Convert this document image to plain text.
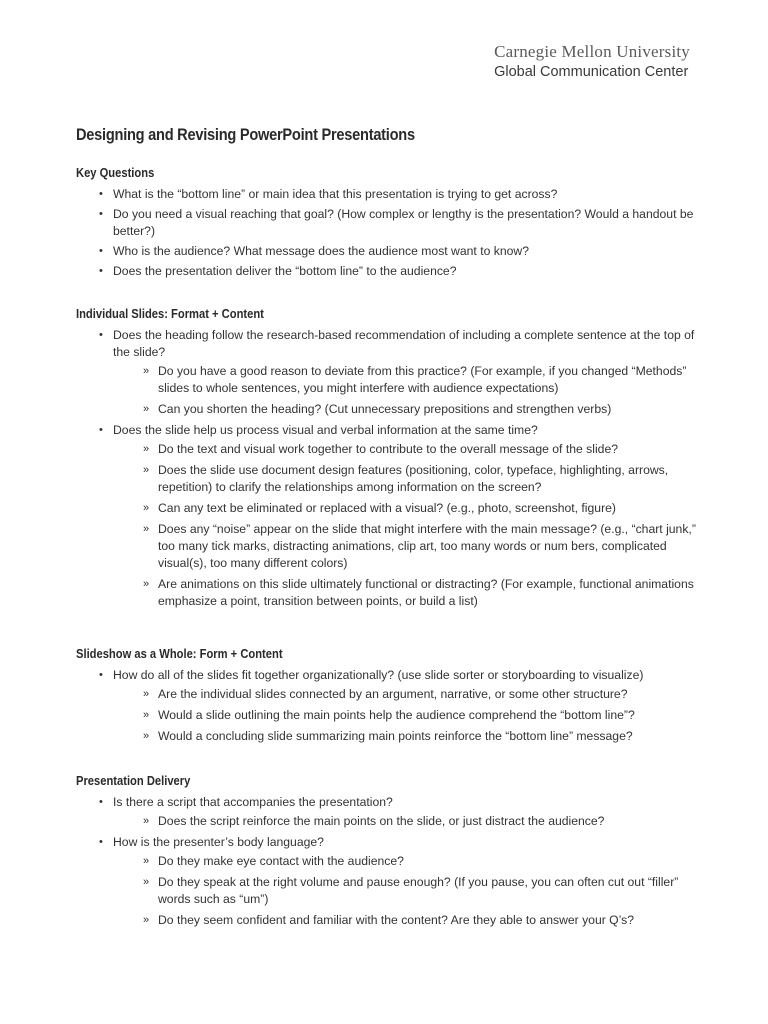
Carnegie Mellon University
Global Communication Center
Designing and Revising PowerPoint Presentations
Key Questions
• What is the “bottom line” or main idea that this presentation is trying to get across?
• Do you need a visual reaching that goal? (How complex or lengthy is the presentation? Would a handout be better?)
• Who is the audience? What message does the audience most want to know?
• Does the presentation deliver the “bottom line” to the audience?
Individual Slides: Format + Content
• Does the heading follow the research-based recommendation of including a complete sentence at the top of the slide?
» Do you have a good reason to deviate from this practice? (For example, if you changed “Methods” slides to whole sentences, you might interfere with audience expectations)
» Can you shorten the heading? (Cut unnecessary prepositions and strengthen verbs)
• Does the slide help us process visual and verbal information at the same time?
» Do the text and visual work together to contribute to the overall message of the slide?
» Does the slide use document design features (positioning, color, typeface, highlighting, arrows, repetition) to clarify the relationships among information on the screen?
» Can any text be eliminated or replaced with a visual? (e.g., photo, screenshot, figure)
» Does any “noise” appear on the slide that might interfere with the main message? (e.g., “chart junk,” too many tick marks, distracting animations, clip art, too many words or num bers, complicated visual(s), too many different colors)
» Are animations on this slide ultimately functional or distracting? (For example, functional animations emphasize a point, transition between points, or build a list)
Slideshow as a Whole: Form + Content
• How do all of the slides fit together organizationally? (use slide sorter or storyboarding to visualize)
» Are the individual slides connected by an argument, narrative, or some other structure?
» Would a slide outlining the main points help the audience comprehend the “bottom line”?
» Would a concluding slide summarizing main points reinforce the “bottom line” message?
Presentation Delivery
• Is there a script that accompanies the presentation?
» Does the script reinforce the main points on the slide, or just distract the audience?
• How is the presenter’s body language?
» Do they make eye contact with the audience?
» Do they speak at the right volume and pause enough? (If you pause, you can often cut out “filler” words such as “um”)
» Do they seem confident and familiar with the content? Are they able to answer your Q’s?
